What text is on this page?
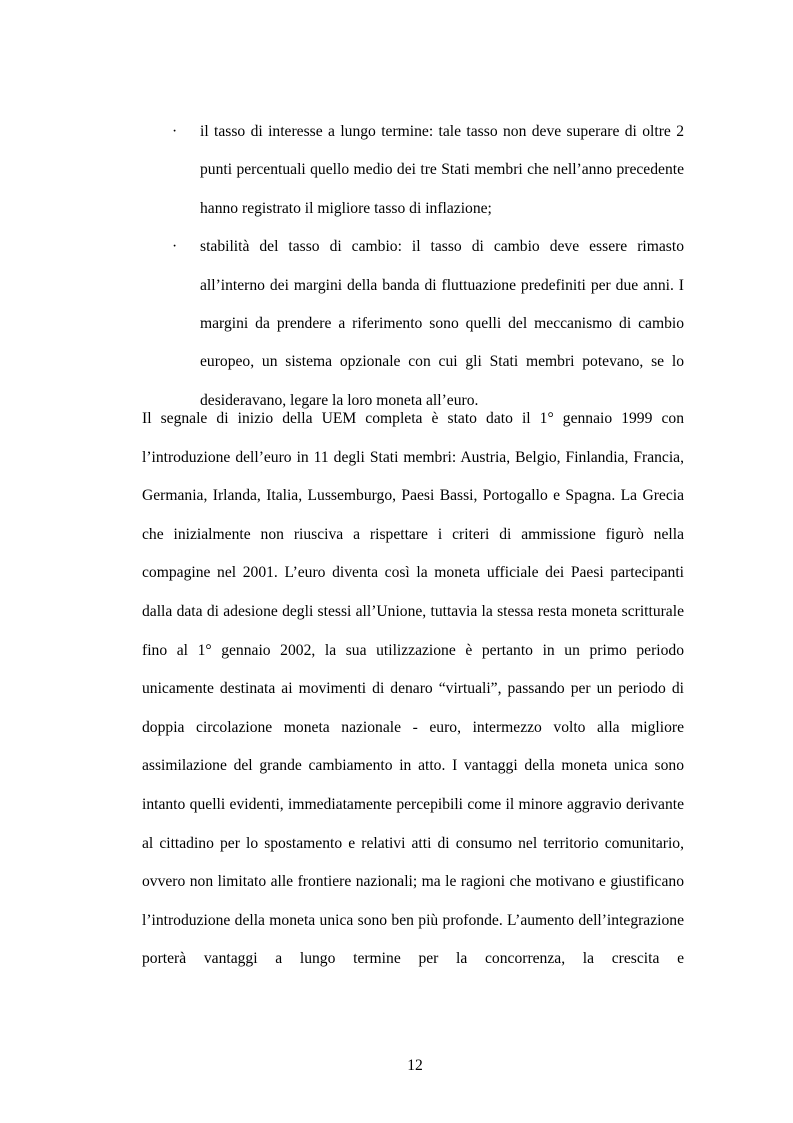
· il tasso di interesse a lungo termine: tale tasso non deve superare di oltre 2 punti percentuali quello medio dei tre Stati membri che nell’anno precedente hanno registrato il migliore tasso di inflazione;
· stabilità del tasso di cambio: il tasso di cambio deve essere rimasto all’interno dei margini della banda di fluttuazione predefiniti per due anni. I margini da prendere a riferimento sono quelli del meccanismo di cambio europeo, un sistema opzionale con cui gli Stati membri potevano, se lo desideravano, legare la loro moneta all’euro.

Il segnale di inizio della UEM completa è stato dato il 1° gennaio 1999 con l’introduzione dell’euro in 11 degli Stati membri: Austria, Belgio, Finlandia, Francia, Germania, Irlanda, Italia, Lussemburgo, Paesi Bassi, Portogallo e Spagna. La Grecia che inizialmente non riusciva a rispettare i criteri di ammissione figurò nella compagine nel 2001. L’euro diventa così la moneta ufficiale dei Paesi partecipanti dalla data di adesione degli stessi all’Unione, tuttavia la stessa resta moneta scritturale fino al 1° gennaio 2002, la sua utilizzazione è pertanto in un primo periodo unicamente destinata ai movimenti di denaro “virtuali”, passando per un periodo di doppia circolazione moneta nazionale - euro, intermezzo volto alla migliore assimilazione del grande cambiamento in atto. I vantaggi della moneta unica sono intanto quelli evidenti, immediatamente percepibili come il minore aggravio derivante al cittadino per lo spostamento e relativi atti di consumo nel territorio comunitario, ovvero non limitato alle frontiere nazionali; ma le ragioni che motivano e giustificano l’introduzione della moneta unica sono ben più profonde. L’aumento dell’integrazione porterà vantaggi a lungo termine per la concorrenza, la crescita e

12
